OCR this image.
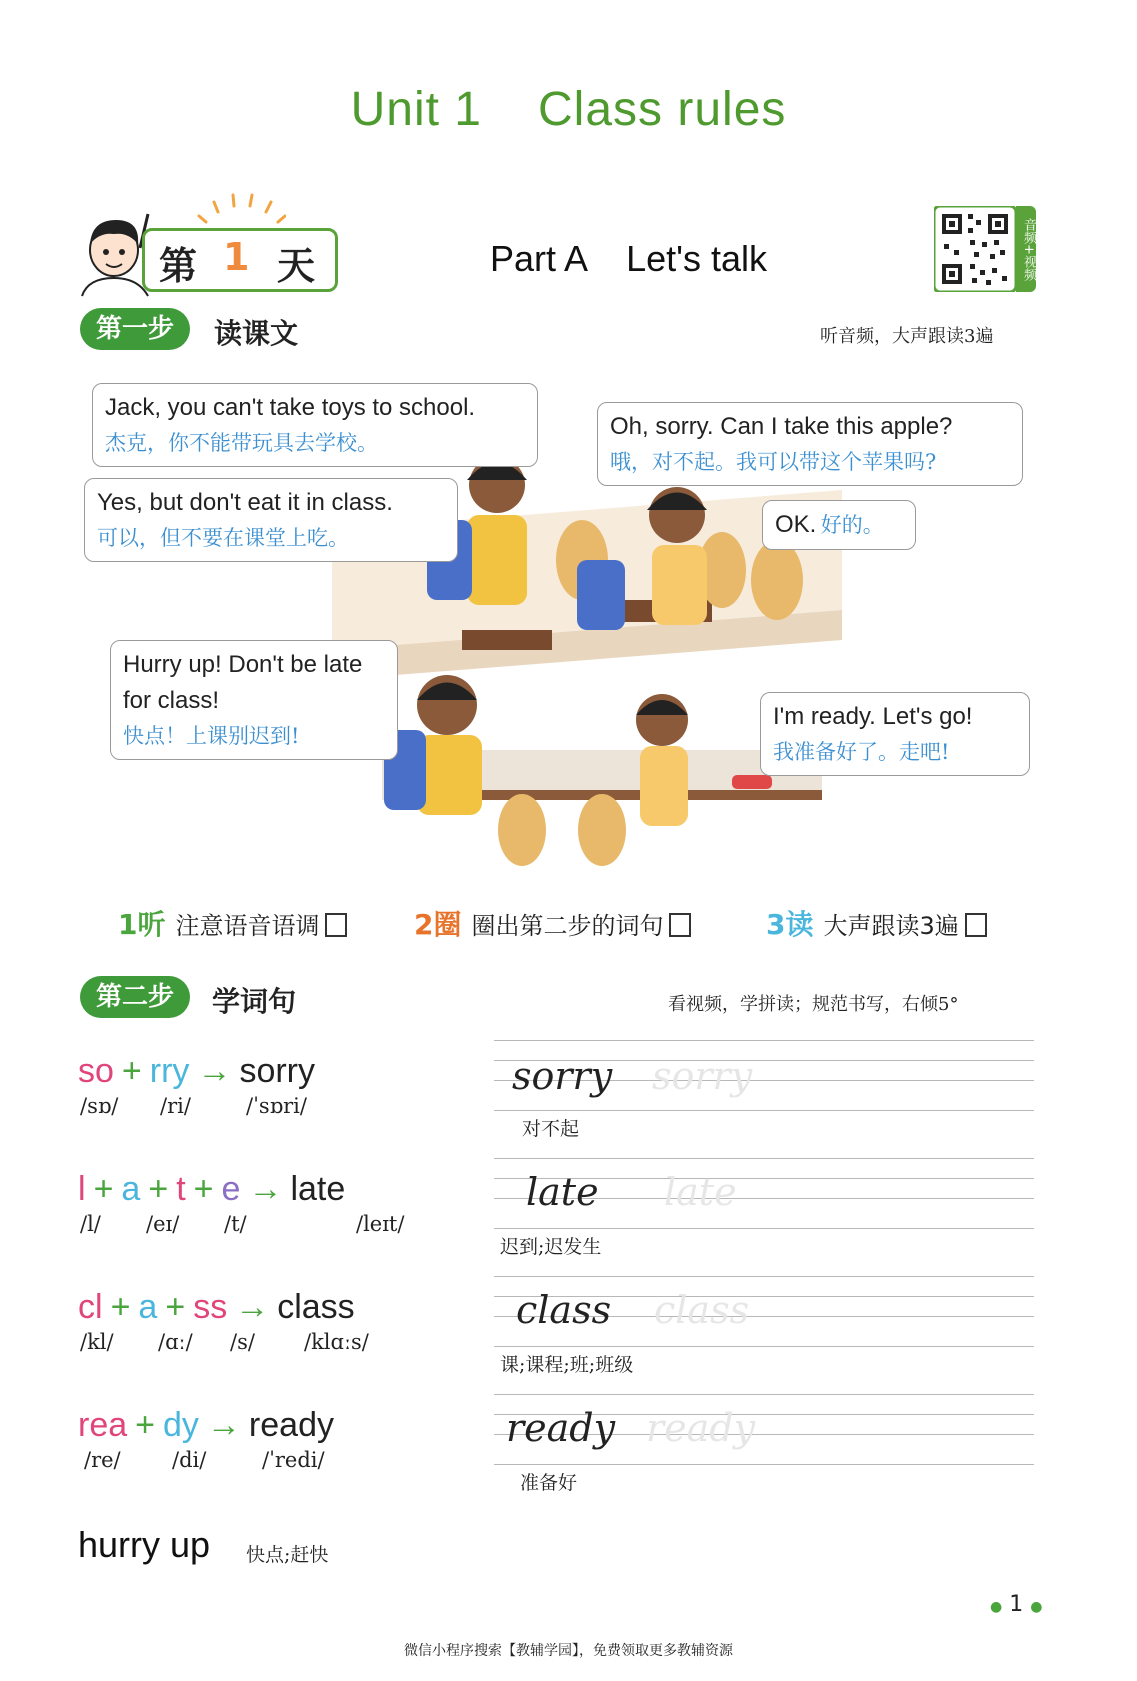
Unit 1 Class rules
第 1 天	Part A Let's talk	音频+视频
第一步	读课文	听音频，大声跟读3遍
Jack, you can't take toys to school.
杰克，你不能带玩具去学校。
Oh, sorry. Can I take this apple?
哦，对不起。我可以带这个苹果吗?
Yes, but don't eat it in class.
可以，但不要在课堂上吃。	OK. 好的。
Hurry up! Don't be late
for class!
快点！上课别迟到!
I'm ready. Let's go!
我准备好了。走吧!
1听 注意语音语调	2圈 圈出第二步的词句	3读 大声跟读3遍
第二步	学词句	看视频，学拼读；规范书写，右倾5°
so + rry → sorry
/sɒ/ /ri/	/ˈsɒri/
l + a + t + e → late
/l/ /eɪ/ /t/	/leɪt/
cl + a + ss → class
/kl/ /ɑː/ /s/ /klɑːs/
rea + dy → ready
/re/ /di/	/ˈredi/
hurry up 快点;赶快
sorry sorry
对不起
late late
迟到;迟发生
class class
课;课程;班;班级
ready ready
准备好
● 1 ●
微信小程序搜索【教辅学园】，免费领取更多教辅资源
